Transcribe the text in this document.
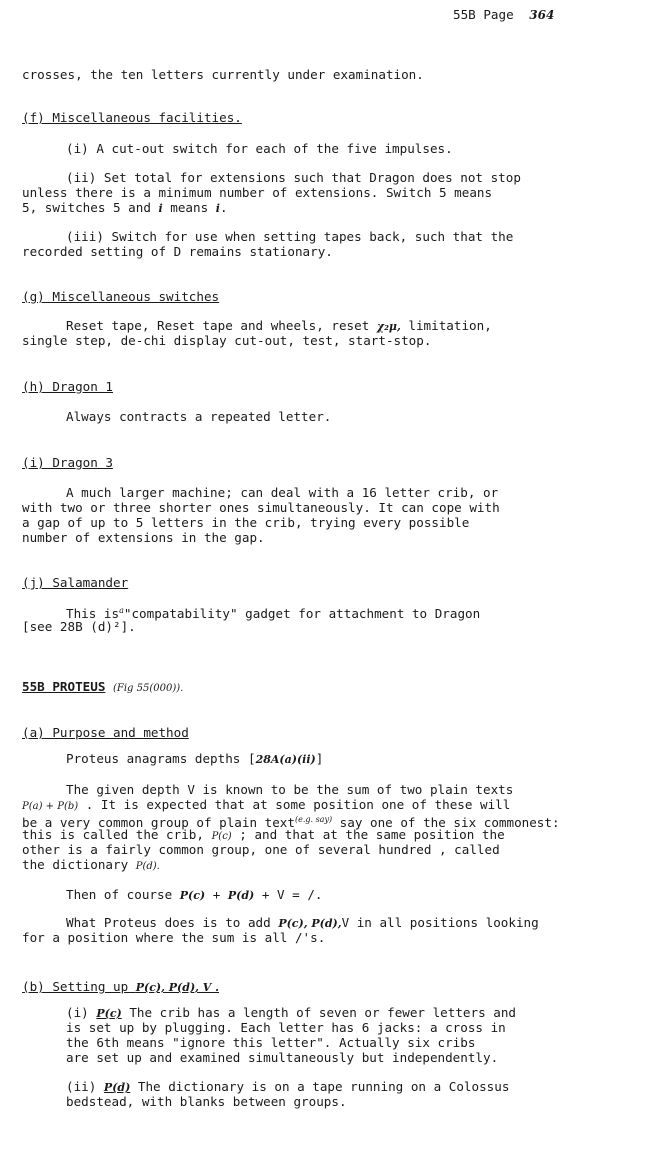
55B Page 364
crosses, the ten letters currently under examination.
(f) Miscellaneous facilities.
(i) A cut-out switch for each of the five impulses.
(ii) Set total for extensions such that Dragon does not stop
unless there is a minimum number of extensions. Switch 5 means
5, switches 5 and i means i.
(iii) Switch for use when setting tapes back, such that the
recorded setting of D remains stationary.
(g) Miscellaneous switches
Reset tape, Reset tape and wheels, reset χ₂μ, limitation,
single step, de-chi display cut-out, test, start-stop.
(h) Dragon 1
Always contracts a repeated letter.
(i) Dragon 3
A much larger machine; can deal with a 16 letter crib, or
with two or three shorter ones simultaneously. It can cope with
a gap of up to 5 letters in the crib, trying every possible
number of extensions in the gap.
(j) Salamander
This $is^a"compatability$" gadget for attachment to Dragon
[see 28B (d)²].
55B PROTEUS (Fig 55(000)).
(a) Purpose and method
Proteus anagrams depths [28A(a)(ii)]
The given depth V is known to be the sum of two plain texts
P(a) + P(b) . It is expected that at some position one of these will
be a very common group of plain text$^{(e.g. say)}$ say one of the six commonest:
this is called the crib, P(c) ; and that at the same position the
other is a fairly common group, one of several hundred , called
the dictionary P(d).
Then of course P(c) + P(d) + V = /.
What Proteus does is to add P(c), P(d),V in all positions looking
for a position where the sum is all /'s.
(b) Setting up P(c), P(d), V .
(i) P(c) The crib has a length of seven or fewer letters and
is set up by plugging. Each letter has 6 jacks: a cross in
the 6th means "ignore this letter". Actually six cribs
are set up and examined simultaneously but independently.
(ii) P(d) The dictionary is on a tape running on a Colossus
bedstead, with blanks between groups.
